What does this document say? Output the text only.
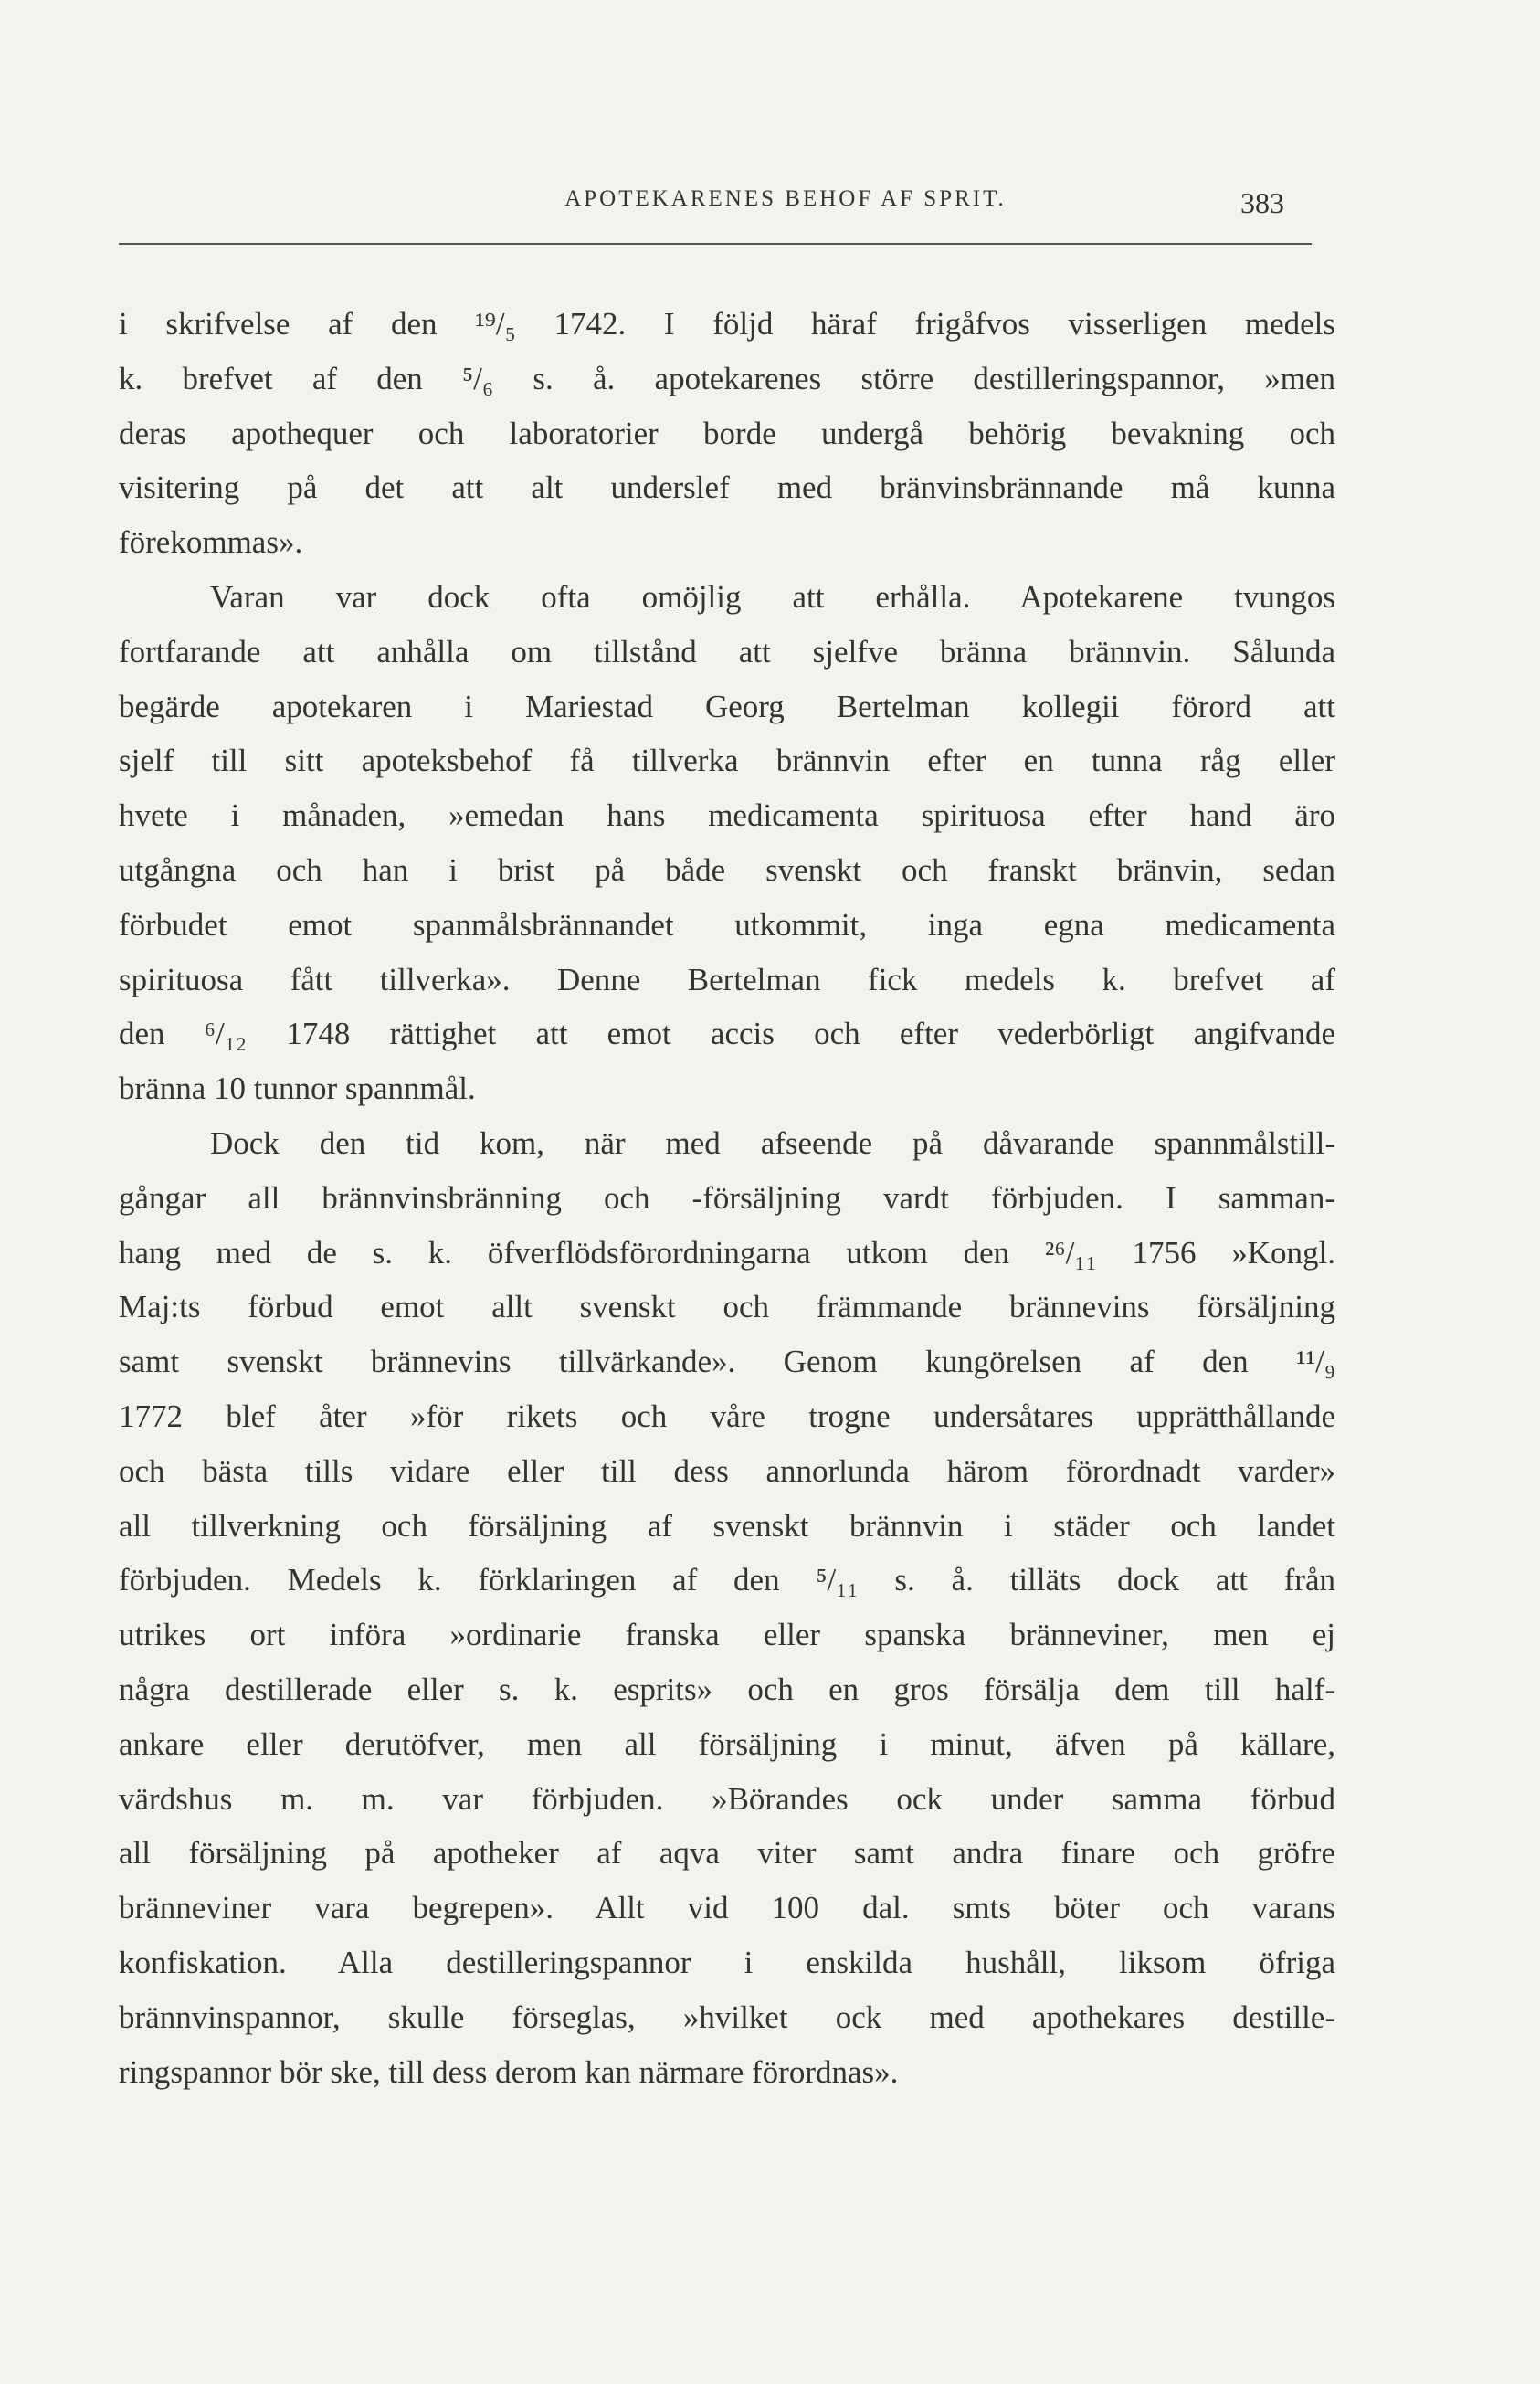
APOTEKARENES BEHOF AF SPRIT.	383
i skrifvelse af den ¹⁹/₅ 1742. I följd häraf frigåfvos visserligen medels
k. brefvet af den ⁵/₆ s. å. apotekarenes större destilleringspannor, »men
deras apothequer och laboratorier borde undergå behörig bevakning och
visitering på det att alt underslef med bränvinsbrännande må kunna
förekommas».
Varan var dock ofta omöjlig att erhålla. Apotekarene tvungos
fortfarande att anhålla om tillstånd att sjelfve bränna brännvin. Sålunda
begärde apotekaren i Mariestad Georg Bertelman kollegii förord att
sjelf till sitt apoteksbehof få tillverka brännvin efter en tunna råg eller
hvete i månaden, »emedan hans medicamenta spirituosa efter hand äro
utgångna och han i brist på både svenskt och franskt bränvin, sedan
förbudet emot spanmålsbrännandet utkommit, inga egna medicamenta
spirituosa fått tillverka». Denne Bertelman fick medels k. brefvet af
den ⁶/₁₂ 1748 rättighet att emot accis och efter vederbörligt angifvande
bränna 10 tunnor spannmål.
Dock den tid kom, när med afseende på dåvarande spannmålstill-
gångar all brännvinsbränning och -försäljning vardt förbjuden. I samman-
hang med de s. k. öfverflödsförordningarna utkom den ²⁶/₁₁ 1756 »Kongl.
Maj:ts förbud emot allt svenskt och främmande brännevins försäljning
samt svenskt brännevins tillvärkande». Genom kungörelsen af den ¹¹/₉
1772 blef åter »för rikets och våre trogne undersåtares upprätthållande
och bästa tills vidare eller till dess annorlunda härom förordnadt varder»
all tillverkning och försäljning af svenskt brännvin i städer och landet
förbjuden. Medels k. förklaringen af den ⁵/₁₁ s. å. tilläts dock att från
utrikes ort införa »ordinarie franska eller spanska bränneviner, men ej
några destillerade eller s. k. esprits» och en gros försälja dem till half-
ankare eller derutöfver, men all försäljning i minut, äfven på källare,
värdshus m. m. var förbjuden. »Börandes ock under samma förbud
all försäljning på apotheker af aqva viter samt andra finare och gröfre
bränneviner vara begrepen». Allt vid 100 dal. smts böter och varans
konfiskation. Alla destilleringspannor i enskilda hushåll, liksom öfriga
brännvinspannor, skulle förseglas, »hvilket ock med apothekares destille-
ringspannor bör ske, till dess derom kan närmare förordnas».
